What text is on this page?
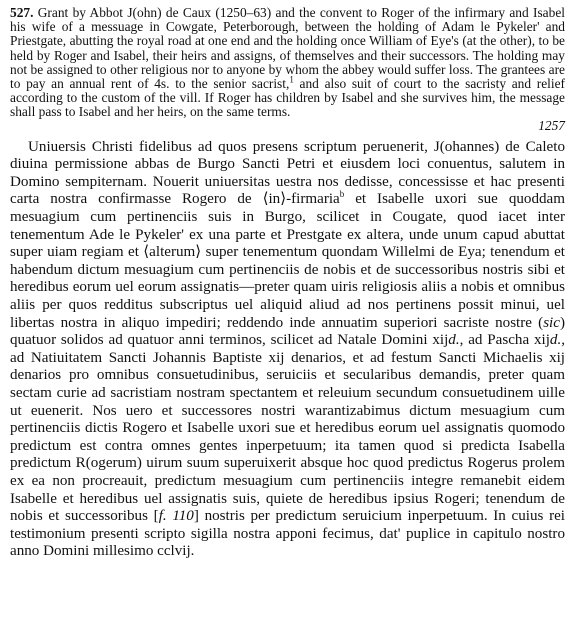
527. Grant by Abbot J(ohn) de Caux (1250–63) and the convent to Roger of the infirmary and Isabel his wife of a messuage in Cowgate, Peterborough, between the holding of Adam le Pykeler' and Priestgate, abutting the royal road at one end and the holding once William of Eye's (at the other), to be held by Roger and Isabel, their heirs and assigns, of themselves and their successors. The holding may not be assigned to other religious nor to anyone by whom the abbey would suffer loss. The grantees are to pay an annual rent of 4s. to the senior sacrist,$^1$ and also suit of court to the sacristy and relief according to the custom of the vill. If Roger has children by Isabel and she survives him, the message shall pass to Isabel and her heirs, on the same terms.

1257

Uniuersis Christi fidelibus ad quos presens scriptum peruenerit, J(ohannes) de Caleto diuina permissione abbas de Burgo Sancti Petri et eiusdem loci conuentus, salutem in Domino sempiternam. Nouerit uniuersitas uestra nos dedisse, concessisse et hac presenti carta nostra confirmasse Rogero de ⟨in⟩-firmaria$^b$ et Isabelle uxori sue quoddam mesuagium cum pertinenciis suis in Burgo, scilicet in Cougate, quod iacet inter tenementum Ade le Pykeler' ex una parte et Prestgate ex altera, unde unum capud abuttat super uiam regiam et ⟨alterum⟩ super tenementum quondam Willelmi de Eya; tenendum et habendum dictum mesuagium cum pertinenciis de nobis et de successoribus nostris sibi et heredibus eorum uel eorum assignatis—preter quam uiris religiosis aliis a nobis et omnibus aliis per quos redditus subscriptus uel aliquid aliud ad nos pertinens possit minui, uel libertas nostra in aliquo impediri; reddendo inde annuatim superiori sacriste nostre (sic) quatuor solidos ad quatuor anni terminos, scilicet ad Natale Domini xijd., ad Pascha xijd., ad Natiuitatem Sancti Johannis Baptiste xij denarios, et ad festum Sancti Michaelis xij denarios pro omnibus consuetudinibus, seruiciis et secularibus demandis, preter quam sectam curie ad sacristiam nostram spectantem et releuium secundum consuetudinem uille ut euenerit. Nos uero et successores nostri warantizabimus dictum mesuagium cum pertinenciis dictis Rogero et Isabelle uxori sue et heredibus eorum uel assignatis quomodo predictum est contra omnes gentes inperpetuum; ita tamen quod si predicta Isabella predictum R(ogerum) uirum suum superuixerit absque hoc quod predictus Rogerus prolem ex ea non procreauit, predictum mesuagium cum pertinenciis integre remanebit eidem Isabelle et heredibus uel assignatis suis, quiete de heredibus ipsius Rogeri; tenendum de nobis et successoribus [f. 110] nostris per predictum seruicium inperpetuum. In cuius rei testimonium presenti scripto sigilla nostra apponi fecimus, dat' puplice in capitulo nostro anno Domini millesimo cclvij.
